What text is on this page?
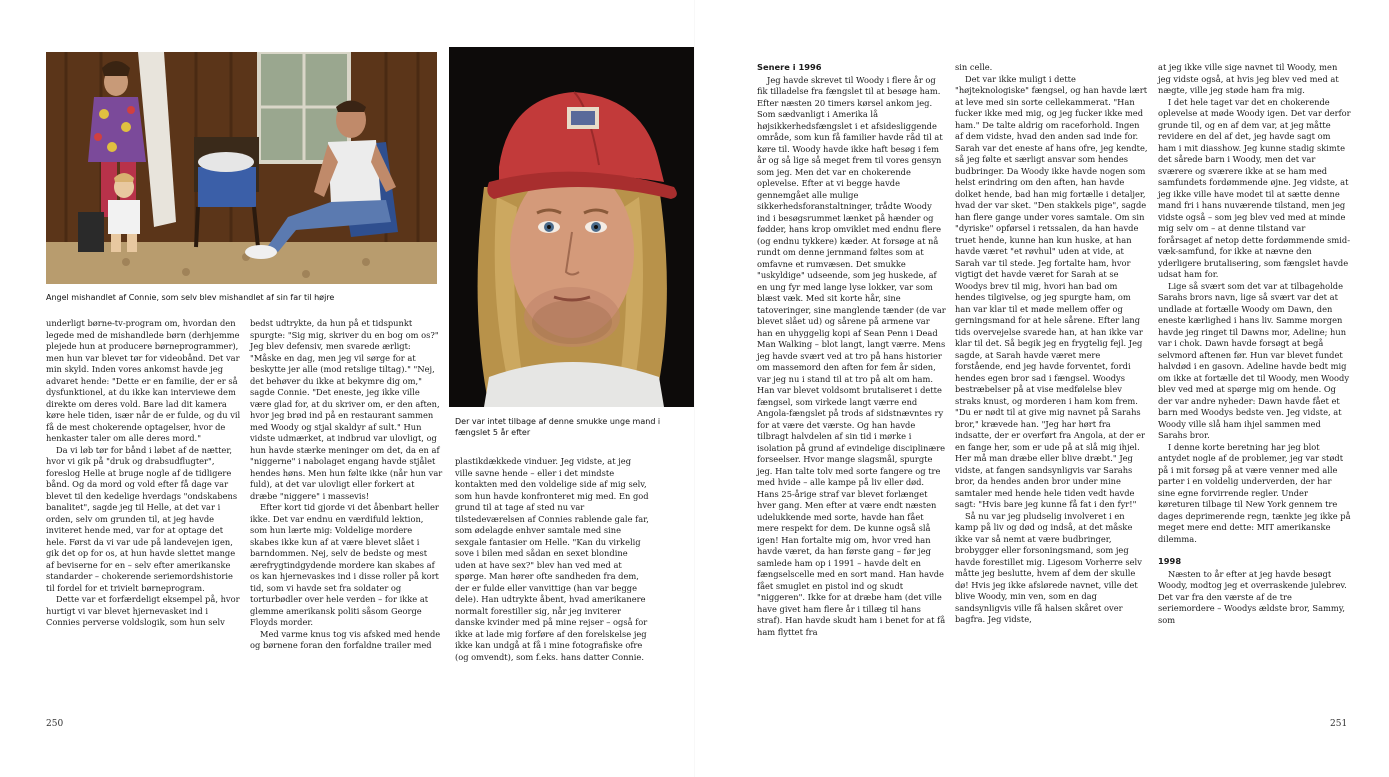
Angel mishandlet af Connie, som selv blev mishandlet af sin far til højre
Der var intet tilbage af denne smukke unge mand i fængslet 5 år efter

underligt børne-tv-program om, hvordan den legede med de mishandlede børn (derhjemme plejede hun at producere børneprogrammer), men hun var blevet tør for videobånd. Det var min skyld. Inden vores ankomst havde jeg advaret hende: "Dette er en familie, der er så dysfunktionel, at du ikke kan interviewe dem direkte om deres vold. Bare lad dit kamera køre hele tiden, især når de er fulde, og du vil få de mest chokerende optagelser, hvor de henkaster taler om alle deres mord."

Da vi løb tør for bånd i løbet af de nætter, hvor vi gik på "druk og drabsudflugter", foreslog Helle at bruge nogle af de tidligere bånd. Og da mord og vold efter få dage var blevet til den kedelige hverdags "ondskabens banalitet", sagde jeg til Helle, at det var i orden, selv om grunden til, at jeg havde inviteret hende med, var for at optage det hele. Først da vi var ude på landevejen igen, gik det op for os, at hun havde slettet mange af beviserne for en – selv efter amerikanske standarder – chokerende seriemordshistorie til fordel for et trivielt børneprogram.

Dette var et forfærdeligt eksempel på, hvor hurtigt vi var blevet hjernevasket ind i Connies perverse voldslogik, som hun selv

bedst udtrykte, da hun på et tidspunkt spurgte: "Sig mig, skriver du en bog om os?" Jeg blev defensiv, men svarede ærligt: "Måske en dag, men jeg vil sørge for at beskytte jer alle (mod retslige tiltag)." "Nej, det behøver du ikke at bekymre dig om," sagde Connie. "Det eneste, jeg ikke ville være glad for, at du skriver om, er den aften, hvor jeg brød ind på en restaurant sammen med Woody og stjal skaldyr af sult." Hun vidste udmærket, at indbrud var ulovligt, og hun havde stærke meninger om det, da en af "niggerne" i nabolaget engang havde stjålet hendes høns. Men hun følte ikke (når hun var fuld), at det var ulovligt eller forkert at dræbe "niggere" i massevis!

Efter kort tid gjorde vi det åbenbart heller ikke. Det var endnu en værdifuld lektion, som hun lærte mig: Voldelige mordere skabes ikke kun af at være blevet slået i barndommen. Nej, selv de bedste og mest ærefrygtindgydende mordere kan skabes af os kan hjernevaskes ind i disse roller på kort tid, som vi havde set fra soldater og torturbødler over hele verden – for ikke at glemme amerikansk politi såsom George Floyds morder.

Med varme knus tog vis afsked med hende og børnene foran den forfaldne trailer med

plastikdækkede vinduer. Jeg vidste, at jeg ville savne hende – eller i det mindste kontakten med den voldelige side af mig selv, som hun havde konfronteret mig med. En god grund til at tage af sted nu var tilstedeværelsen af Connies rablende gale far, som ødelagde enhver samtale med sine sexgale fantasier om Helle. "Kan du virkelig sove i bilen med sådan en sexet blondine uden at have sex?" blev han ved med at spørge. Man hører ofte sandheden fra dem, der er fulde eller vanvittige (han var begge dele). Han udtrykte åbent, hvad amerikanere normalt forestiller sig, når jeg inviterer danske kvinder med på mine rejser – også for ikke at lade mig forføre af den forelskelse jeg ikke kan undgå at få i mine fotografiske ofre (og omvendt), som f.eks. hans datter Connie.

250
Senere i 1996

Jeg havde skrevet til Woody i flere år og fik tilladelse fra fængslet til at besøge ham. Efter næsten 20 timers kørsel ankom jeg. Som sædvanligt i Amerika lå højsikkerhedsfængslet i et afsidesliggende område, som kun få familier havde råd til at køre til. Woody havde ikke haft besøg i fem år og så lige så meget frem til vores gensyn som jeg. Men det var en chokerende oplevelse. Efter at vi begge havde gennemgået alle mulige sikkerhedsforanstaltninger, trådte Woody ind i besøgsrummet lænket på hænder og fødder, hans krop omviklet med endnu flere (og endnu tykkere) kæder. At forsøge at nå rundt om denne jernmand føltes som at omfavne et rumvæsen. Det smukke "uskyldige" udseende, som jeg huskede, af en ung fyr med lange lyse lokker, var som blæst væk. Med sit korte hår, sine tatoveringer, sine manglende tænder (de var blevet slået ud) og sårene på armene var han en uhyggelig kopi af Sean Penn i Dead Man Walking – blot langt, langt værre. Mens jeg havde svært ved at tro på hans historier om massemord den aften for fem år siden, var jeg nu i stand til at tro på alt om ham. Han var blevet voldsomt brutaliseret i dette fængsel, som virkede langt værre end Angola-fængslet på trods af sidstnævntes ry for at være det værste. Og han havde tilbragt halvdelen af sin tid i mørke i isolation på grund af evindelige disciplinære forseelser. Hvor mange slagsmål, spurgte jeg. Han talte tolv med sorte fangere og tre med hvide – alle kampe på liv eller død. Hans 25-årige straf var blevet forlænget hver gang. Men efter at være endt næsten udelukkende med sorte, havde han fået mere respekt for dem. De kunne også slå igen! Han fortalte mig om, hvor vred han havde været, da han første gang – før jeg samlede ham op i 1991 – havde delt en fængselscelle med en sort mand. Han havde fået smuglet en pistol ind og skudt "niggeren". Ikke for at dræbe ham (det ville have givet ham flere år i tillæg til hans straf). Han havde skudt ham i benet for at få ham flyttet fra

sin celle.

Det var ikke muligt i dette "højteknologiske" fængsel, og han havde lært at leve med sin sorte cellekammerat. "Han fucker ikke med mig, og jeg fucker ikke med ham." De talte aldrig om raceforhold. Ingen af dem vidste, hvad den anden sad inde for. Sarah var det eneste af hans ofre, jeg kendte, så jeg følte et særligt ansvar som hendes budbringer. Da Woody ikke havde nogen som helst erindring om den aften, han havde dolket hende, bad han mig fortælle i detaljer, hvad der var sket. "Den stakkels pige", sagde han flere gange under vores samtale. Om sin "dyriske" opførsel i retssalen, da han havde truet hende, kunne han kun huske, at han havde været "et røvhul" uden at vide, at Sarah var til stede. Jeg fortalte ham, hvor vigtigt det havde været for Sarah at se Woodys brev til mig, hvori han bad om hendes tilgivelse, og jeg spurgte ham, om han var klar til et møde mellem offer og gerningsmand for at hele sårene. Efter lang tids overvejelse svarede han, at han ikke var klar til det. Så begik jeg en frygtelig fejl. Jeg sagde, at Sarah havde været mere forstående, end jeg havde forventet, fordi hendes egen bror sad i fængsel. Woodys bestræbelser på at vise medfølelse blev straks knust, og morderen i ham kom frem. "Du er nødt til at give mig navnet på Sarahs bror," krævede han. "Jeg har hørt fra indsatte, der er overført fra Angola, at der er en fange her, som er ude på at slå mig ihjel. Her må man dræbe eller blive dræbt." Jeg vidste, at fangen sandsynligvis var Sarahs bror, da hendes anden bror under mine samtaler med hende hele tiden vedt havde sagt: "Hvis bare jeg kunne få fat i den fyr!"

Så nu var jeg pludselig involveret i en kamp på liv og død og indså, at det måske ikke var så nemt at være budbringer, brobygger eller forsoningsmand, som jeg havde forestillet mig. Ligesom Vorherre selv måtte jeg beslutte, hvem af dem der skulle dø! Hvis jeg ikke afslørede navnet, ville det blive Woody, min ven, som en dag sandsynligvis ville få halsen skåret over bagfra. Jeg vidste,

at jeg ikke ville sige navnet til Woody, men jeg vidste også, at hvis jeg blev ved med at nægte, ville jeg støde ham fra mig.

I det hele taget var det en chokerende oplevelse at møde Woody igen. Det var derfor grunde til, og en af dem var, at jeg måtte revidere en del af det, jeg havde sagt om ham i mit diasshow. Jeg kunne stadig skimte det sårede barn i Woody, men det var sværere og sværere ikke at se ham med samfundets fordømmende øjne. Jeg vidste, at jeg ikke ville have modet til at sætte denne mand fri i hans nuværende tilstand, men jeg vidste også – som jeg blev ved med at minde mig selv om – at denne tilstand var forårsaget af netop dette fordømmende smid-væk-samfund, for ikke at nævne den yderligere brutalisering, som fængslet havde udsat ham for.

Lige så svært som det var at tilbageholde Sarahs brors navn, lige så svært var det at undlade at fortælle Woody om Dawn, den eneste kærlighed i hans liv. Samme morgen havde jeg ringet til Dawns mor, Adeline; hun var i chok. Dawn havde forsøgt at begå selvmord aftenen før. Hun var blevet fundet halvdød i en gasovn. Adeline havde bedt mig om ikke at fortælle det til Woody, men Woody blev ved med at spørge mig om hende. Og der var andre nyheder: Dawn havde fået et barn med Woodys bedste ven. Jeg vidste, at Woody ville slå ham ihjel sammen med Sarahs bror.

I denne korte beretning har jeg blot antydet nogle af de problemer, jeg var stødt på i mit forsøg på at være venner med alle parter i en voldelig underverden, der har sine egne forvirrende regler. Under køreturen tilbage til New York gennem tre dages deprimerende regn, tænkte jeg ikke på meget mere end dette: MIT amerikanske dilemma.

1998

Næsten to år efter at jeg havde besøgt Woody, modtog jeg et overraskende julebrev. Det var fra den værste af de tre seriemordere – Woodys ældste bror, Sammy, som

251
